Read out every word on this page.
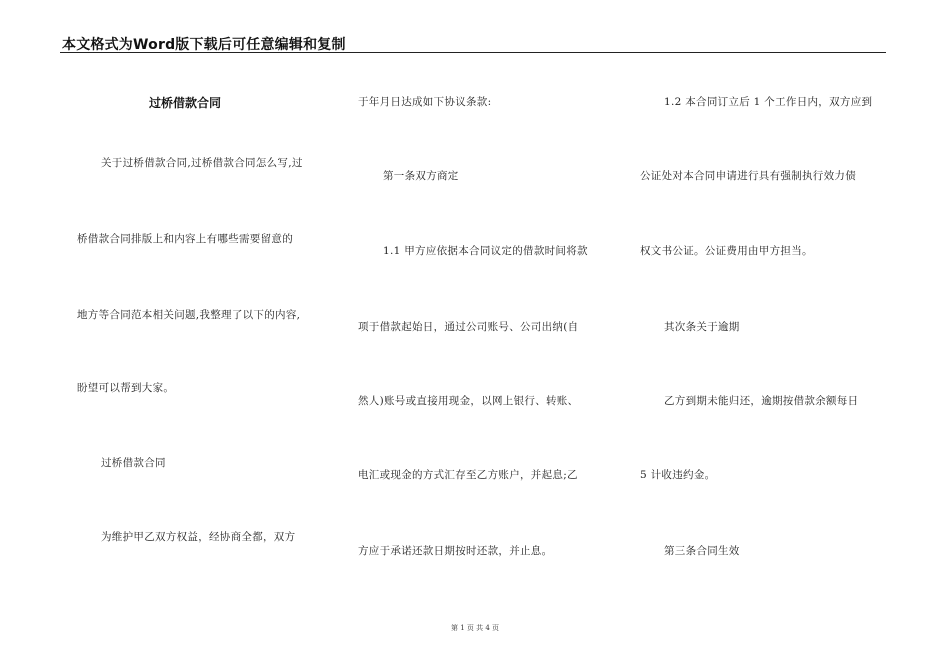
本文格式为Word版下载后可任意编辑和复制
过桥借款合同
关于过桥借款合同,过桥借款合同怎么写,过
桥借款合同排版上和内容上有哪些需要留意的
地方等合同范本相关问题,我整理了以下的内容,
盼望可以帮到大家。
过桥借款合同
为维护甲乙双方权益，经协商全都，双方
于年月日达成如下协议条款:
第一条双方商定
1.1 甲方应依据本合同议定的借款时间将款
项于借款起始日，通过公司账号、公司出纳(自
然人)账号或直接用现金，以网上银行、转账、
电汇或现金的方式汇存至乙方账户，并起息;乙
方应于承诺还款日期按时还款，并止息。
1.2 本合同订立后 1 个工作日内，双方应到
公证处对本合同申请进行具有强制执行效力债
权文书公证。公证费用由甲方担当。
其次条关于逾期
乙方到期未能归还，逾期按借款余额每日
5 计收违约金。
第三条合同生效
第 1 页 共 4 页
